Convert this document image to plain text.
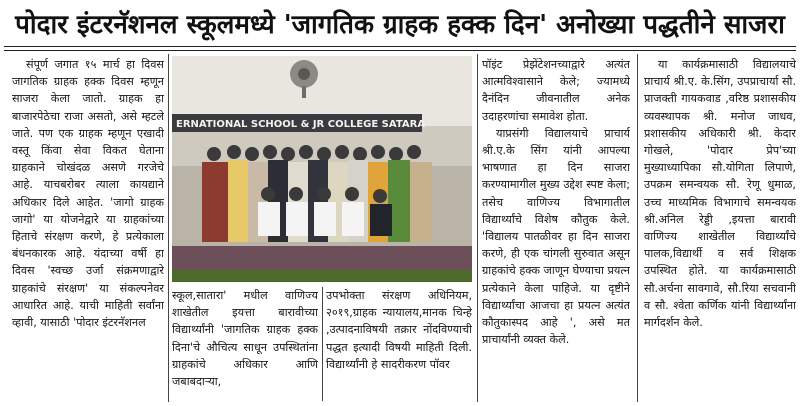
पोदार इंटरनॅशनल स्कूलमध्ये 'जागतिक ग्राहक हक्क दिन' अनोख्या पद्धतीने साजरा

संपूर्ण जगात १५ मार्च हा दिवस जागतिक ग्राहक हक्क दिवस म्हणून साजरा केला जातो. ग्राहक हा बाजारपेठेचा राजा असतो, असे म्हटले जाते. पण एक ग्राहक म्हणून एखादी वस्तू किंवा सेवा विकत घेताना ग्राहकाने चोखंदळ असणे गरजेचे आहे. याचबरोबर त्याला कायद्याने अधिकार दिले आहेत. 'जागो ग्राहक जागो' या योजनेद्वारे या ग्राहकांच्या हिताचे संरक्षण करणे, हे प्रत्येकाला बंधनकारक आहे. यंदाच्या वर्षी हा दिवस 'स्वच्छ उर्जा संक्रमणाद्वारे ग्राहकांचे संरक्षण' या संकल्पनेवर आधारित आहे. याची माहिती सर्वांना व्हावी, यासाठी 'पोदार इंटरनॅशनल

ERNATIONAL SCHOOL & JR COLLEGE SATARA

स्कूल,सातारा' मधील वाणिज्य शाखेतील इयत्ता बारावीच्या विद्यार्थ्यांनी 'जागतिक ग्राहक हक्क दिना'चे औचित्य साधून उपस्थितांना ग्राहकांचे अधिकार आणि जबाबदाऱ्या,

उपभोक्ता संरक्षण अधिनियम, २०१९,ग्राहक न्यायालय,मानक चिन्हे ,उत्पादनाविषयी तक्रार नोंदविण्याची पद्धत इत्यादी विषयी माहिती दिली. विद्यार्थ्यांनी हे सादरीकरण पॉवर

पॉइंट प्रेझेंटेशनच्याद्वारे अत्यंत आत्मविश्वासाने केले; ज्यामध्ये दैनंदिन जीवनातील अनेक उदाहरणांचा समावेश होता.

याप्रसंगी विद्यालयाचे प्राचार्य श्री.ए.के सिंग यांनी आपल्या भाषणात हा दिन साजरा करण्यामागील मुख्य उद्देश स्पष्ट केला; तसेच वाणिज्य विभागातील विद्यार्थ्यांचे विशेष कौतुक केले. 'विद्यालय पातळीवर हा दिन साजरा करणे, ही एक चांगली सुरुवात असून ग्राहकांचे हक्क जाणून घेण्याचा प्रयत्न प्रत्येकाने केला पाहिजे. या दृष्टीने विद्यार्थ्यांचा आजचा हा प्रयत्न अत्यंत कौतुकास्पद आहे ', असे मत प्राचार्यांनी व्यक्त केले.

या कार्यक्रमासाठी विद्यालयाचे प्राचार्य श्री.ए. के.सिंग, उपप्राचार्या सौ. प्राजक्ती गायकवाड ,वरिष्ठ प्रशासकीय व्यवस्थापक श्री. मनोज जाधव, प्रशासकीय अधिकारी श्री. केदार गोखले, 'पोदार प्रेप'च्या मुख्याध्यापिका सौ.योगिता लिपाणे, उपक्रम समन्वयक सौ. रेणू धुमाळ, उच्च माध्यमिक विभागाचे समन्वयक श्री.अनिल रेड्डी ,इयत्ता बारावी वाणिज्य शाखेतील विद्यार्थ्यांचे पालक,विद्यार्थी व सर्व शिक्षक उपस्थित होते. या कार्यक्रमासाठी सौ.अर्चना सावगावे, सौ.रिया सचवानी व सौ. श्वेता कर्णिक यांनी विद्यार्थ्यांना मार्गदर्शन केले.
